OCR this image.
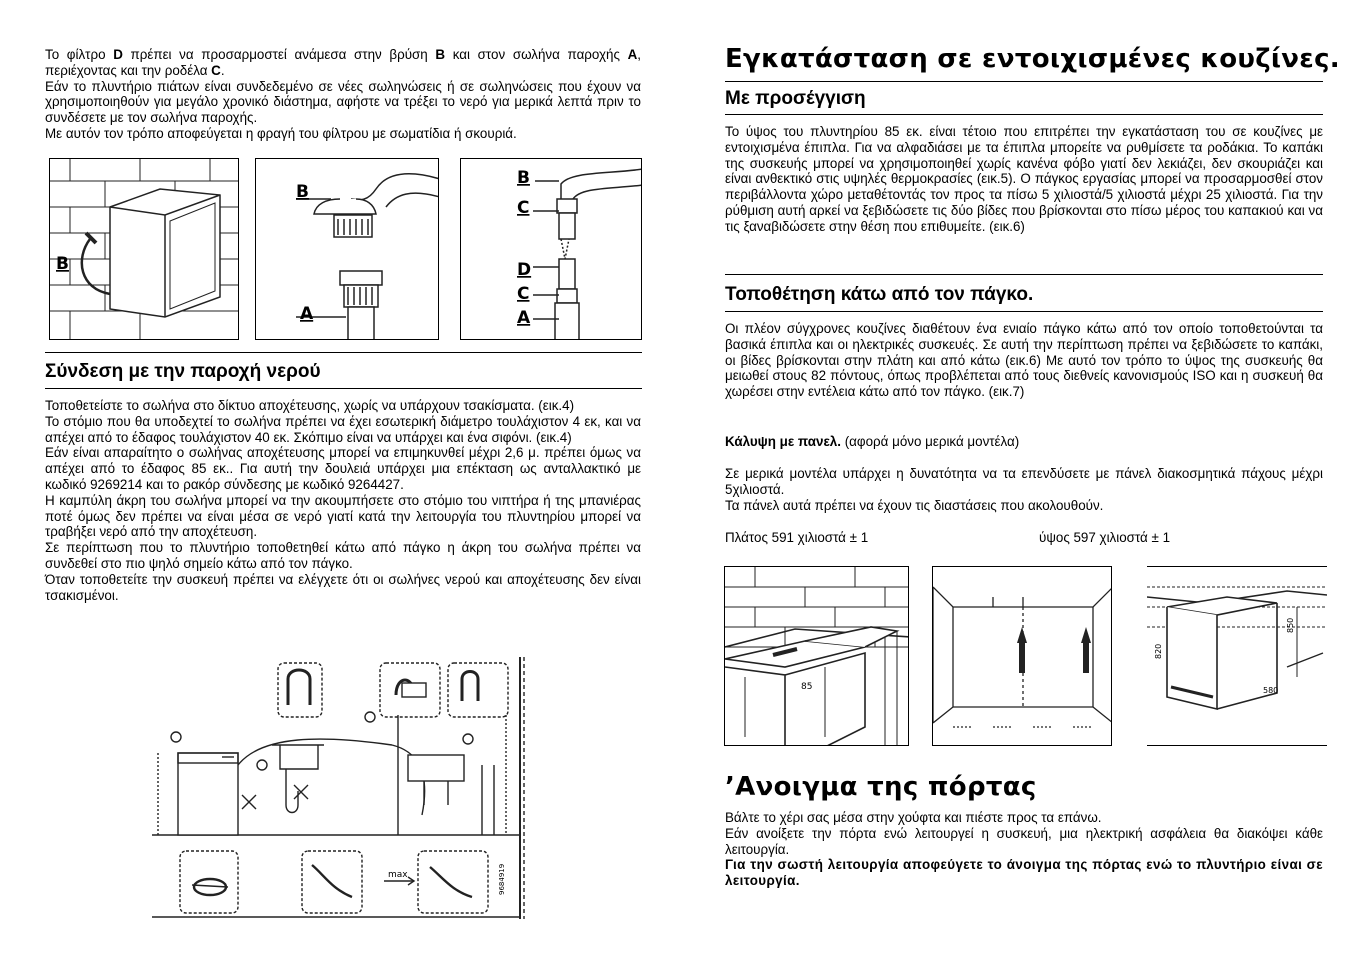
Το φίλτρο D πρέπει να προσαρμοστεί ανάμεσα στην βρύση B και στον σωλήνα παροχής A, περιέχοντας και την ροδέλα C.

Εάν το πλυντήριο πιάτων είναι συνδεδεμένο σε νέες σωληνώσεις ή σε σωληνώσεις που έχουν να χρησιμοποιηθούν για μεγάλο χρονικό διάστημα, αφήστε να τρέξει το νερό για μερικά λεπτά πριν το συνδέσετε με τον σωλήνα παροχής.

Με αυτόν τον τρόπο αποφεύγεται η φραγή του φίλτρου με σωματίδια ή σκουριά.

B
B
A
B
C
D
C
A
Σύνδεση με την παροχή νερού

Τοποθετείστε το σωλήνα στο δίκτυο αποχέτευσης, χωρίς να υπάρχουν τσακίσματα. (εικ.4)

Το στόμιο που θα υποδεχτεί το σωλήνα πρέπει να έχει εσωτερική διάμετρο τουλάχιστον 4 εκ, και να απέχει από το έδαφος τουλάχιστον 40 εκ. Σκόπιμο είναι να υπάρχει και ένα σιφόνι. (εικ.4)

Εάν είναι απαραίτητο ο σωλήνας αποχέτευσης μπορεί να επιμηκυνθεί μέχρι 2,6 μ. πρέπει όμως να απέχει από το έδαφος 85 εκ.. Για αυτή την δουλειά υπάρχει μια επέκταση ως ανταλλακτικό με κωδικό 9269214 και το ρακόρ σύνδεσης με κωδικό 9264427.

Η καμπύλη άκρη του σωλήνα μπορεί να την ακουμπήσετε στο στόμιο του νιπτήρα ή της μπανιέρας ποτέ όμως δεν πρέπει να είναι μέσα σε νερό γιατί κατά την λειτουργία του πλυντηρίου μπορεί να τραβήξει νερό από την αποχέτευση.

Σε περίπτωση που το πλυντήριο τοποθετηθεί κάτω από πάγκο η άκρη του σωλήνα πρέπει να συνδεθεί στο πιο ψηλό σημείο κάτω από τον πάγκο.

Όταν τοποθετείτε την συσκευή πρέπει να ελέγχετε ότι οι σωλήνες νερού και αποχέτευσης δεν είναι τσακισμένοι.

max	9684919
Εγκατάσταση σε εντοιχισμένες κουζίνες.
Με προσέγγιση

Το ύψος του πλυντηρίου 85 εκ. είναι τέτοιο που επιτρέπει την εγκατάσταση του σε κουζίνες με εντοιχισμένα έπιπλα. Για να αλφαδιάσει με τα έπιπλα μπορείτε να ρυθμίσετε τα ροδάκια. Το καπάκι της συσκευής μπορεί να χρησιμοποιηθεί χωρίς κανένα φόβο γιατί δεν λεκιάζει, δεν σκουριάζει και είναι ανθεκτικό στις υψηλές θερμοκρασίες (εικ.5). Ο πάγκος εργασίας μπορεί να προσαρμοσθεί στον περιβάλλοντα χώρο μεταθέτοντάς τον προς τα πίσω 5 χιλιοστά/5 χιλιοστά μέχρι 25 χιλιοστά. Για την ρύθμιση αυτή αρκεί να ξεβιδώσετε τις δύο βίδες που βρίσκονται στο πίσω μέρος του καπακιού και να τις ξαναβιδώσετε στην θέση που επιθυμείτε. (εικ.6)

Τοποθέτηση κάτω από τον πάγκο.

Οι πλέον σύγχρονες κουζίνες διαθέτουν ένα ενιαίο πάγκο κάτω από τον οποίο τοποθετούνται τα βασικά έπιπλα και οι ηλεκτρικές συσκευές. Σε αυτή την περίπτωση πρέπει να ξεβιδώσετε το καπάκι, οι βίδες βρίσκονται στην πλάτη και από κάτω (εικ.6) Με αυτό τον τρόπο το ύψος της συσκευής θα μειωθεί στους 82 πόντους, όπως προβλέπεται από τους διεθνείς κανονισμούς ISO και η συσκευή θα χωρέσει στην εντέλεια κάτω από τον πάγκο. (εικ.7)

Κάλυψη με πανελ. (αφορά μόνο μερικά μοντέλα)

Σε μερικά μοντέλα υπάρχει η δυνατότητα να τα επενδύσετε με πάνελ διακοσμητικά πάχους μέχρι 5χιλιοστά.

Τα πάνελ αυτά πρέπει να έχουν τις διαστάσεις που ακολουθούν.

Πλάτος 591 χιλιοστά ± 1	ύψος 597 χιλιοστά ± 1
85
820
850
580
’Ανοιγμα της πόρτας

Βάλτε το χέρι σας μέσα στην χούφτα και πιέστε προς τα επάνω.

Εάν ανοίξετε την πόρτα ενώ λειτουργεί η συσκευή, μια ηλεκτρική ασφάλεια θα διακόψει κάθε λειτουργία.

Για την σωστή λειτουργία αποφεύγετε το άνοιγμα της πόρτας ενώ το πλυντήριο είναι σε λειτουργία.
